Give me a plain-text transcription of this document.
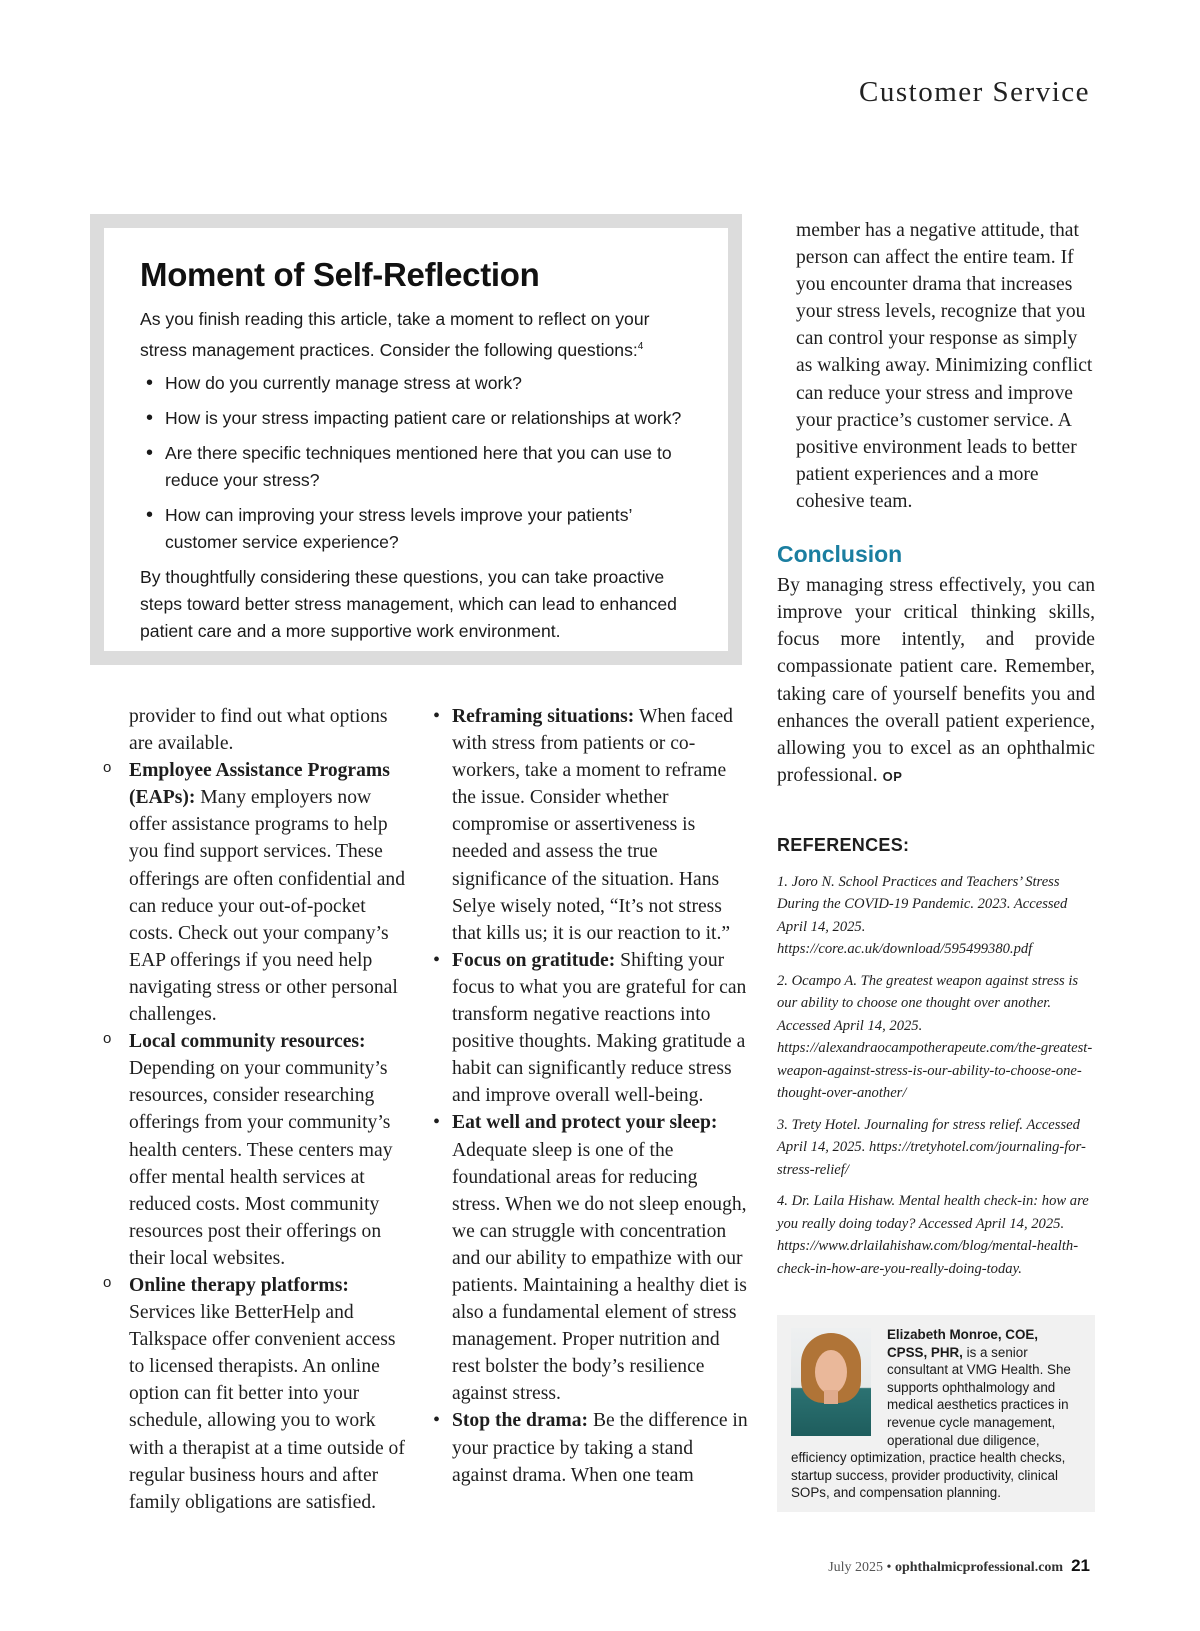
Customer Service
Moment of Self-Reflection

As you finish reading this article, take a moment to reflect on your stress management practices. Consider the following questions:$^4$

• How do you currently manage stress at work?
• How is your stress impacting patient care or relationships at work?
• Are there specific techniques mentioned here that you can use to reduce your stress?
• How can improving your stress levels improve your patients’ customer service experience?

By thoughtfully considering these questions, you can take proactive steps toward better stress management, which can lead to enhanced patient care and a more supportive work environment.

provider to find out what options are available.

o Employee Assistance Programs (EAPs): Many employers now offer assistance programs to help you find support services. These offerings are often confidential and can reduce your out-of-pocket costs. Check out your company’s EAP offerings if you need help navigating stress or other personal challenges.
o Local community resources: Depending on your community’s resources, consider researching offerings from your community’s health centers. These centers may offer mental health services at reduced costs. Most community resources post their offerings on their local websites.
o Online therapy platforms: Services like BetterHelp and Talkspace offer convenient access to licensed therapists. An online option can fit better into your schedule, allowing you to work with a therapist at a time outside of regular business hours and after family obligations are satisfied.
• Reframing situations: When faced with stress from patients or co-workers, take a moment to reframe the issue. Consider whether compromise or assertiveness is needed and assess the true significance of the situation. Hans Selye wisely noted, “It’s not stress that kills us; it is our reaction to it.”
• Focus on gratitude: Shifting your focus to what you are grateful for can transform negative reactions into positive thoughts. Making gratitude a habit can significantly reduce stress and improve overall well-being.
• Eat well and protect your sleep: Adequate sleep is one of the foundational areas for reducing stress. When we do not sleep enough, we can struggle with concentration and our ability to empathize with our patients. Maintaining a healthy diet is also a fundamental element of stress management. Proper nutrition and rest bolster the body’s resilience against stress.
• Stop the drama: Be the difference in your practice by taking a stand against drama. When one team

member has a negative attitude, that person can affect the entire team. If you encounter drama that increases your stress levels, recognize that you can control your response as simply as walking away. Minimizing conflict can reduce your stress and improve your practice’s customer service. A positive environment leads to better patient experiences and a more cohesive team.

Conclusion

By managing stress effectively, you can improve your critical thinking skills, focus more intently, and provide compassionate patient care. Remember, taking care of yourself benefits you and enhances the overall patient experience, allowing you to excel as an ophthalmic professional. OP

REFERENCES:
1. Joro N. School Practices and Teachers’ Stress During the COVID-19 Pandemic. 2023. Accessed April 14, 2025. https://core.ac.uk/download/595499380.pdf
2. Ocampo A. The greatest weapon against stress is our ability to choose one thought over another. Accessed April 14, 2025. https://alexandraocampotherapeute.com/the-greatest-weapon-against-stress-is-our-ability-to-choose-one-thought-over-another/
3. Trety Hotel. Journaling for stress relief. Accessed April 14, 2025. https://tretyhotel.com/journaling-for-stress-relief/
4. Dr. Laila Hishaw. Mental health check-in: how are you really doing today? Accessed April 14, 2025. https://www.drlailahishaw.com/blog/mental-health-check-in-how-are-you-really-doing-today.
Elizabeth Monroe, COE, CPSS, PHR, is a senior consultant at VMG Health. She supports ophthalmology and medical aesthetics practices in revenue cycle management, operational due diligence, efficiency optimization, practice health checks, startup success, provider productivity, clinical SOPs, and compensation planning.
July 2025 • ophthalmicprofessional.com 21
